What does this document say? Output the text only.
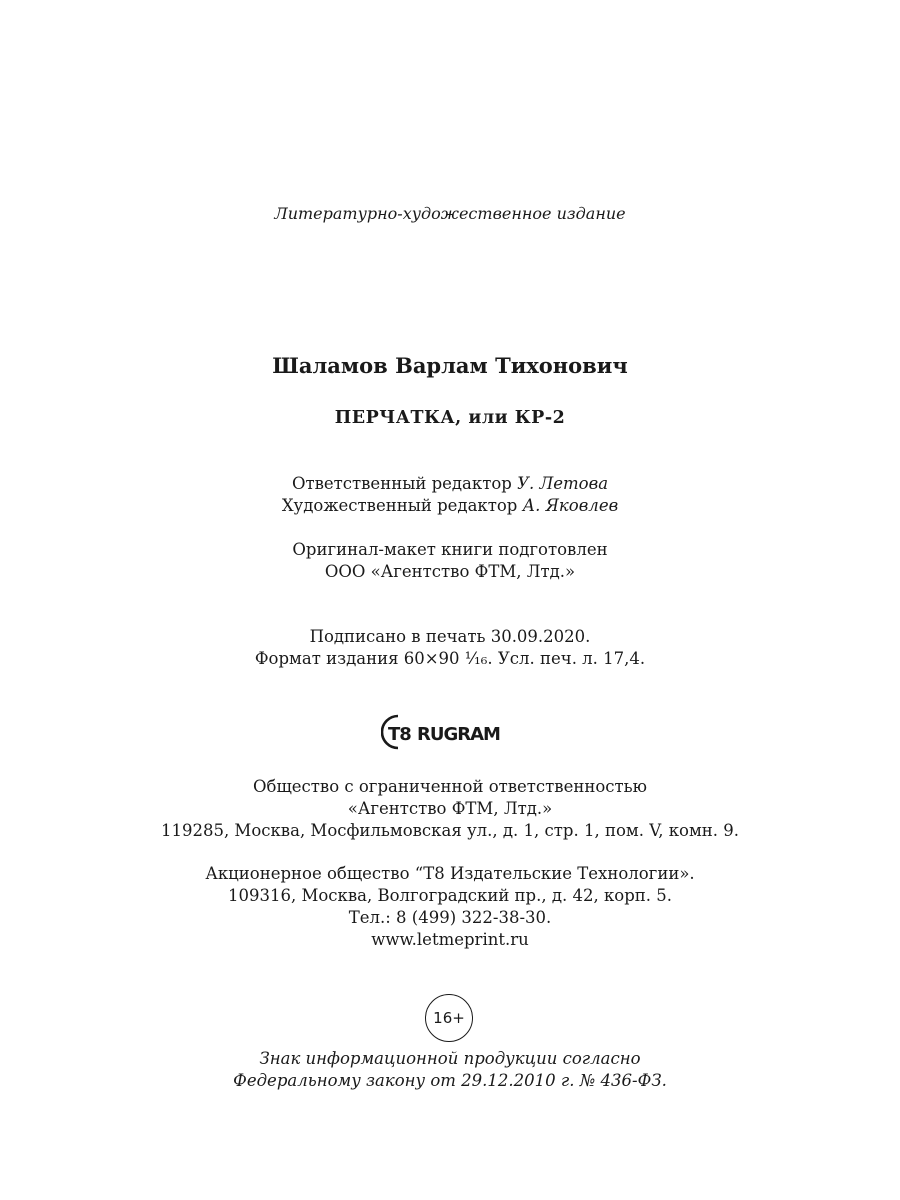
Литературно-художественное издание
Шаламов Варлам Тихонович
ПЕРЧАТКА, или КР-2
Ответственный редактор У. Летова
Художественный редактор А. Яковлев
Оригинал-макет книги подготовлен
ООО «Агентство ФТМ, Лтд.»
Подписано в печать 30.09.2020.
Формат издания 60×90 ¹⁄₁₆. Усл. печ. л. 17,4.
T8 RUGRAM
Общество с ограниченной ответственностью
«Агентство ФТМ, Лтд.»
119285, Москва, Мосфильмовская ул., д. 1, стр. 1, пом. V, комн. 9.
Акционерное общество “Т8 Издательские Технологии».
109316, Москва, Волгоградский пр., д. 42, корп. 5.
Тел.: 8 (499) 322-38-30.
www.letmeprint.ru
16+
Знак информационной продукции согласно
Федеральному закону от 29.12.2010 г. № 436-ФЗ.
